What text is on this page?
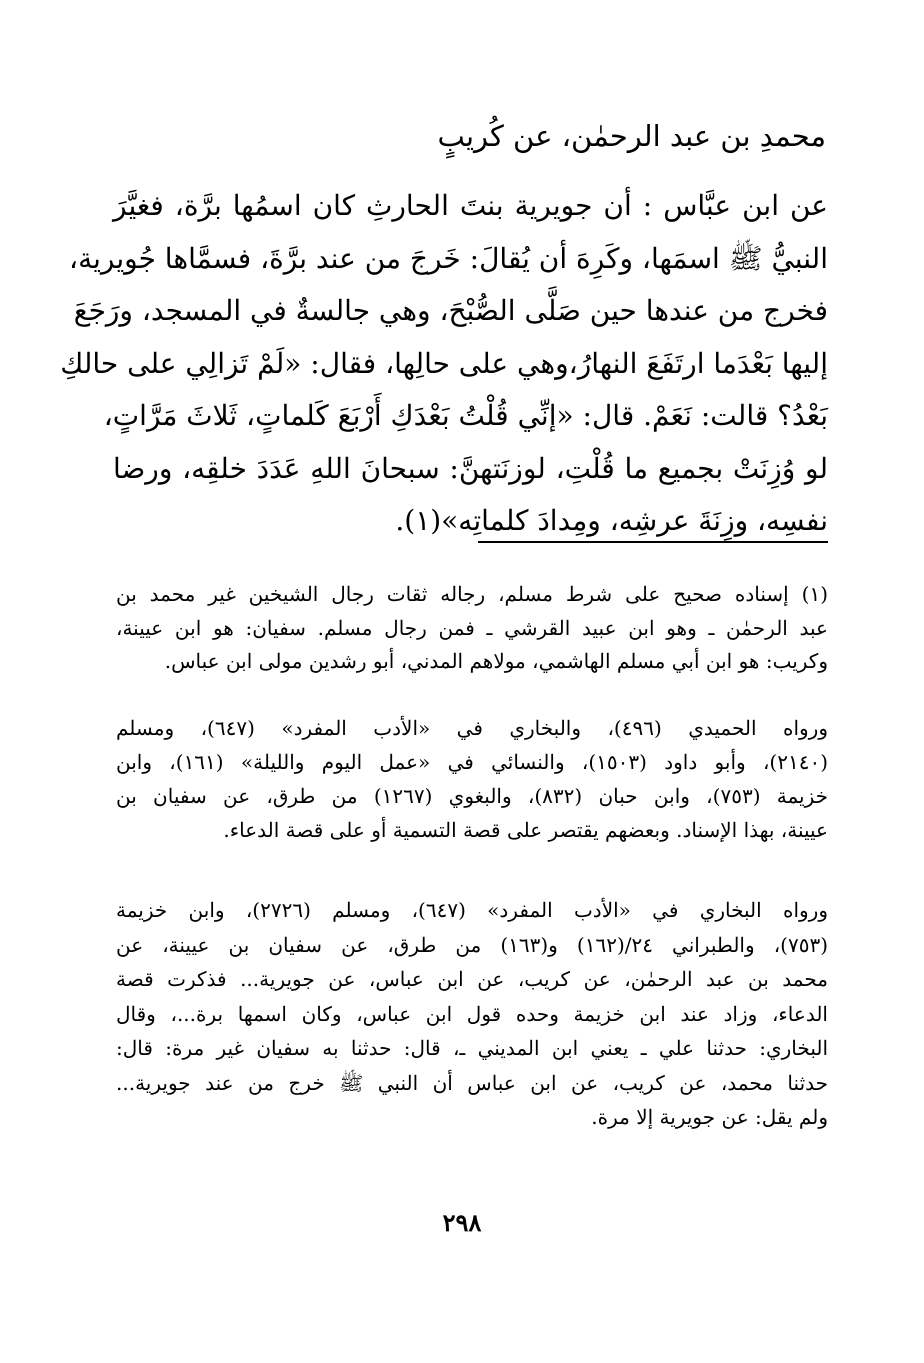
محمدِ بن عبد الرحمٰن، عن كُريبٍ
عن ابن عبَّاس : أن جويرية بنتَ الحارثِ كان اسمُها برَّة، فغيَّرَ
النبيُّ ﷺ اسمَها، وكَرِهَ أن يُقالَ: خَرجَ من عند برَّةَ، فسمَّاها جُويرية،
فخرج من عندها حين صَلَّى الصُّبْحَ، وهي جالسةٌ في المسجد، ورَجَعَ
إليها بَعْدَما ارتَفَعَ النهارُ،وهي على حالِها، فقال: «لَمْ تَزالِي على حالكِ
بَعْدُ؟ قالت: نَعَمْ. قال: «إنِّي قُلْتُ بَعْدَكِ أَرْبَعَ كَلماتٍ، ثَلاثَ مَرَّاتٍ،
لو وُزِنَتْ بجميع ما قُلْتِ، لوزنَتهنَّ: سبحانَ اللهِ عَدَدَ خلقِه، ورضا
نفسِه، وزِنَةَ عرشِه، ومِدادَ كلماتِه»(١).
(١) إسناده صحيح على شرط مسلم، رجاله ثقات رجال الشيخين غير محمد بن
عبد الرحمٰن ـ وهو ابن عبيد القرشي ـ فمن رجال مسلم. سفيان: هو ابن عيينة،
وكريب: هو ابن أبي مسلم الهاشمي، مولاهم المدني، أبو رشدين مولى ابن عباس.
ورواه الحميدي (٤٩٦)، والبخاري في «الأدب المفرد» (٦٤٧)، ومسلم
(٢١٤٠)، وأبو داود (١٥٠٣)، والنسائي في «عمل اليوم والليلة» (١٦١)، وابن
خزيمة (٧٥٣)، وابن حبان (٨٣٢)، والبغوي (١٢٦٧) من طرق، عن سفيان بن
عيينة، بهذا الإسناد. وبعضهم يقتصر على قصة التسمية أو على قصة الدعاء.
ورواه البخاري في «الأدب المفرد» (٦٤٧)، ومسلم (٢٧٢٦)، وابن خزيمة
(٧٥٣)، والطبراني ٢٤/(١٦٢) و(١٦٣) من طرق، عن سفيان بن عيينة، عن
محمد بن عبد الرحمٰن، عن كريب، عن ابن عباس، عن جويرية... فذكرت قصة
الدعاء، وزاد عند ابن خزيمة وحده قول ابن عباس، وكان اسمها برة...، وقال
البخاري: حدثنا علي ـ يعني ابن المديني ـ، قال: حدثنا به سفيان غير مرة: قال:
حدثنا محمد، عن كريب، عن ابن عباس أن النبي ﷺ خرج من عند جويرية...
ولم يقل: عن جويرية إلا مرة.
٢٩٨
